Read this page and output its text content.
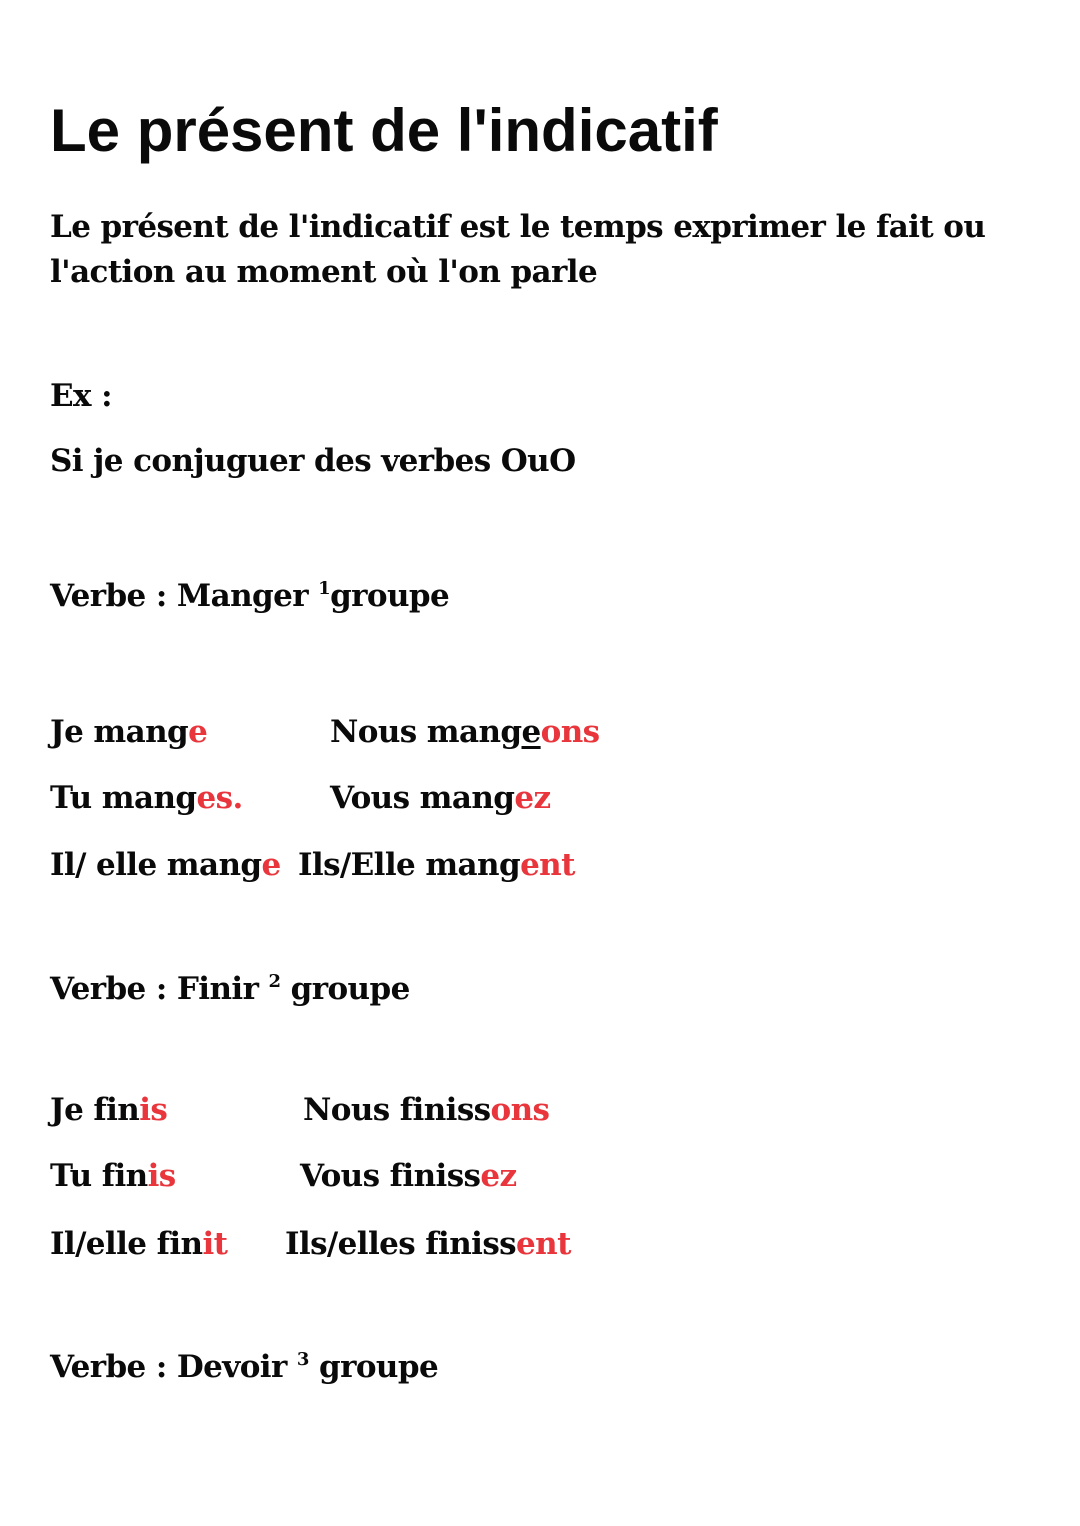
Le présent de l'indicatif
Le présent de l'indicatif est le temps exprimer le fait ou
l'action au moment où l'on parle
Ex :
Si je conjuguer des verbes OuO
Verbe : Manger $^1$groupe
Je mange
Tu manges.
Il/ elle mange
Nous mangeons
Vous mangez
Ils/Elle mangent
Verbe : Finir $^2$ groupe
Je finis
Tu finis
Il/elle finit
Nous finissons
Vous finissez
Ils/elles finissent
Verbe : Devoir $^3$ groupe
